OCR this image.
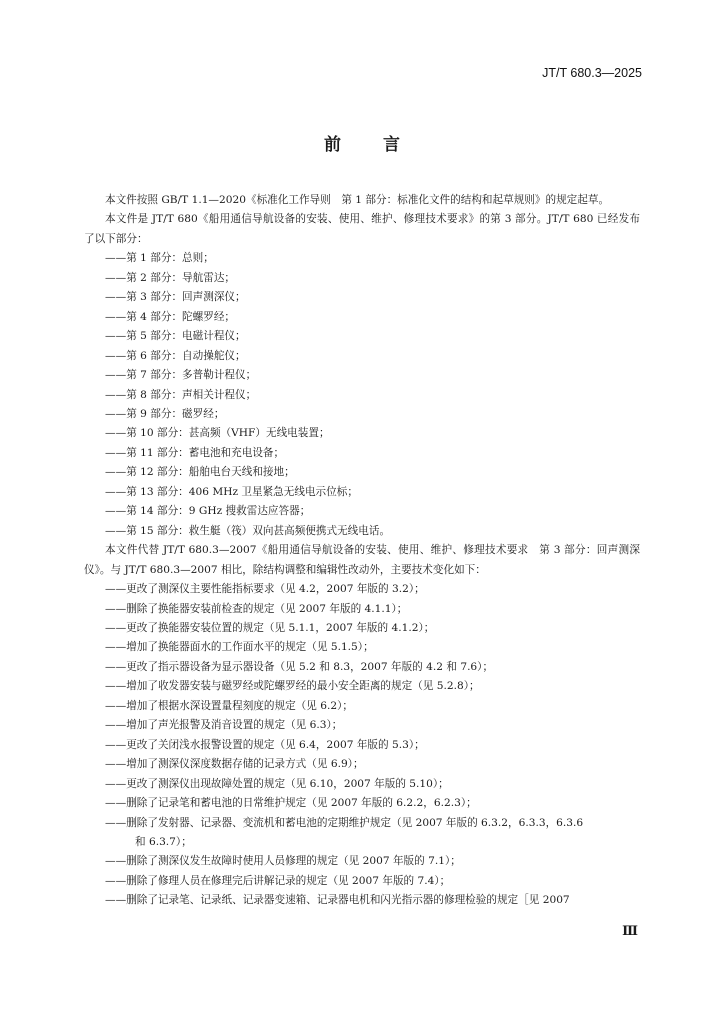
JT/T 680.3—2025
前言

本文件按照 GB/T 1.1—2020《标准化工作导则　第 1 部分：标准化文件的结构和起草规则》的规定起草。

本文件是 JT/T 680《船用通信导航设备的安装、使用、维护、修理技术要求》的第 3 部分。JT/T 680 已经发布了以下部分：

——第 1 部分：总则；

——第 2 部分：导航雷达；

——第 3 部分：回声测深仪；

——第 4 部分：陀螺罗经；

——第 5 部分：电磁计程仪；

——第 6 部分：自动操舵仪；

——第 7 部分：多普勒计程仪；

——第 8 部分：声相关计程仪；

——第 9 部分：磁罗经；

——第 10 部分：甚高频（VHF）无线电装置；

——第 11 部分：蓄电池和充电设备；

——第 12 部分：船舶电台天线和接地；

——第 13 部分：406 MHz 卫星紧急无线电示位标；

——第 14 部分：9 GHz 搜救雷达应答器；

——第 15 部分：救生艇（筏）双向甚高频便携式无线电话。

本文件代替 JT/T 680.3—2007《船用通信导航设备的安装、使用、维护、修理技术要求　第 3 部分：回声测深仪》。与 JT/T 680.3—2007 相比，除结构调整和编辑性改动外，主要技术变化如下：

——更改了测深仪主要性能指标要求（见 4.2，2007 年版的 3.2）；

——删除了换能器安装前检查的规定（见 2007 年版的 4.1.1）；

——更改了换能器安装位置的规定（见 5.1.1，2007 年版的 4.1.2）；

——增加了换能器面水的工作面水平的规定（见 5.1.5）；

——更改了指示器设备为显示器设备（见 5.2 和 8.3，2007 年版的 4.2 和 7.6）；

——增加了收发器安装与磁罗经或陀螺罗经的最小安全距离的规定（见 5.2.8）；

——增加了根据水深设置量程刻度的规定（见 6.2）；

——增加了声光报警及消音设置的规定（见 6.3）；

——更改了关闭浅水报警设置的规定（见 6.4，2007 年版的 5.3）；

——增加了测深仪深度数据存储的记录方式（见 6.9）；

——更改了测深仪出现故障处置的规定（见 6.10，2007 年版的 5.10）；

——删除了记录笔和蓄电池的日常维护规定（见 2007 年版的 6.2.2，6.2.3）；

——删除了发射器、记录器、变流机和蓄电池的定期维护规定（见 2007 年版的 6.3.2，6.3.3，6.3.6

和 6.3.7）；

——删除了测深仪发生故障时使用人员修理的规定（见 2007 年版的 7.1）；

——删除了修理人员在修理完后讲解记录的规定（见 2007 年版的 7.4）；

——删除了记录笔、记录纸、记录器变速箱、记录器电机和闪光指示器的修理检验的规定［见 2007

Ⅲ
